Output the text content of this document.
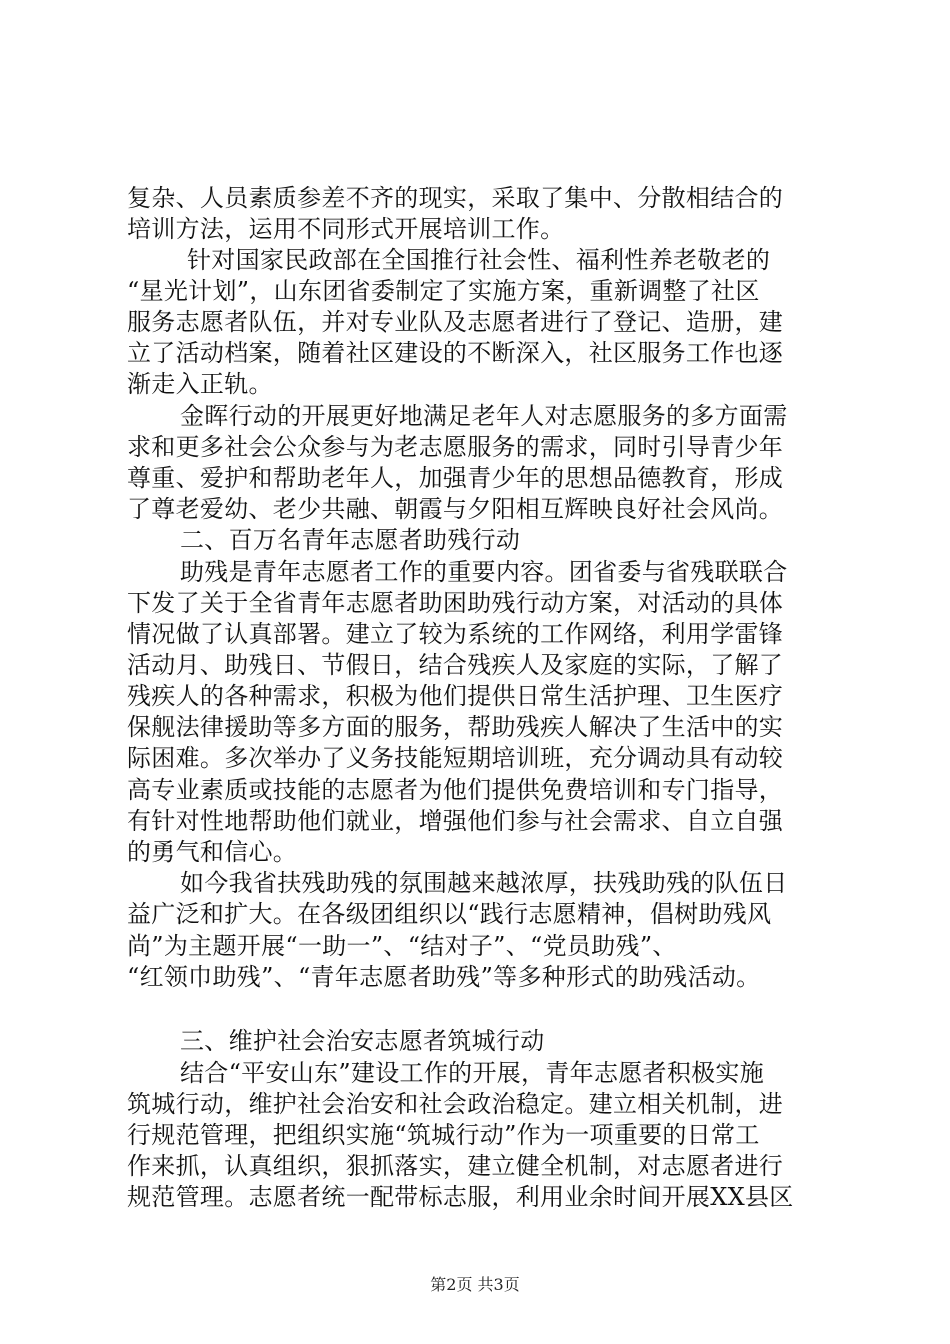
复杂、人员素质参差不齐的现实，采取了集中、分散相结合的
培训方法，运用不同形式开展培训工作。
针对国家民政部在全国推行社会性、福利性养老敬老的
“星光计划”，山东团省委制定了实施方案，重新调整了社区
服务志愿者队伍，并对专业队及志愿者进行了登记、造册，建
立了活动档案，随着社区建设的不断深入，社区服务工作也逐
渐走入正轨。
金晖行动的开展更好地满足老年人对志愿服务的多方面需
求和更多社会公众参与为老志愿服务的需求，同时引导青少年
尊重、爱护和帮助老年人，加强青少年的思想品德教育，形成
了尊老爱幼、老少共融、朝霞与夕阳相互辉映良好社会风尚。
二、百万名青年志愿者助残行动
助残是青年志愿者工作的重要内容。团省委与省残联联合
下发了关于全省青年志愿者助困助残行动方案，对活动的具体
情况做了认真部署。建立了较为系统的工作网络，利用学雷锋
活动月、助残日、节假日，结合残疾人及家庭的实际，了解了
残疾人的各种需求，积极为他们提供日常生活护理、卫生医疗
保舰法律援助等多方面的服务，帮助残疾人解决了生活中的实
际困难。多次举办了义务技能短期培训班，充分调动具有动较
高专业素质或技能的志愿者为他们提供免费培训和专门指导，
有针对性地帮助他们就业，增强他们参与社会需求、自立自强
的勇气和信心。
如今我省扶残助残的氛围越来越浓厚，扶残助残的队伍日
益广泛和扩大。在各级团组织以“践行志愿精神，倡树助残风
尚”为主题开展“一助一”、“结对子”、“党员助残”、
“红领巾助残”、“青年志愿者助残”等多种形式的助残活动。
三、维护社会治安志愿者筑城行动
结合“平安山东”建设工作的开展，青年志愿者积极实施
筑城行动，维护社会治安和社会政治稳定。建立相关机制，进
行规范管理，把组织实施“筑城行动”作为一项重要的日常工
作来抓，认真组织，狠抓落实，建立健全机制，对志愿者进行
规范管理。志愿者统一配带标志服，利用业余时间开展XX县区
第2页 共3页
